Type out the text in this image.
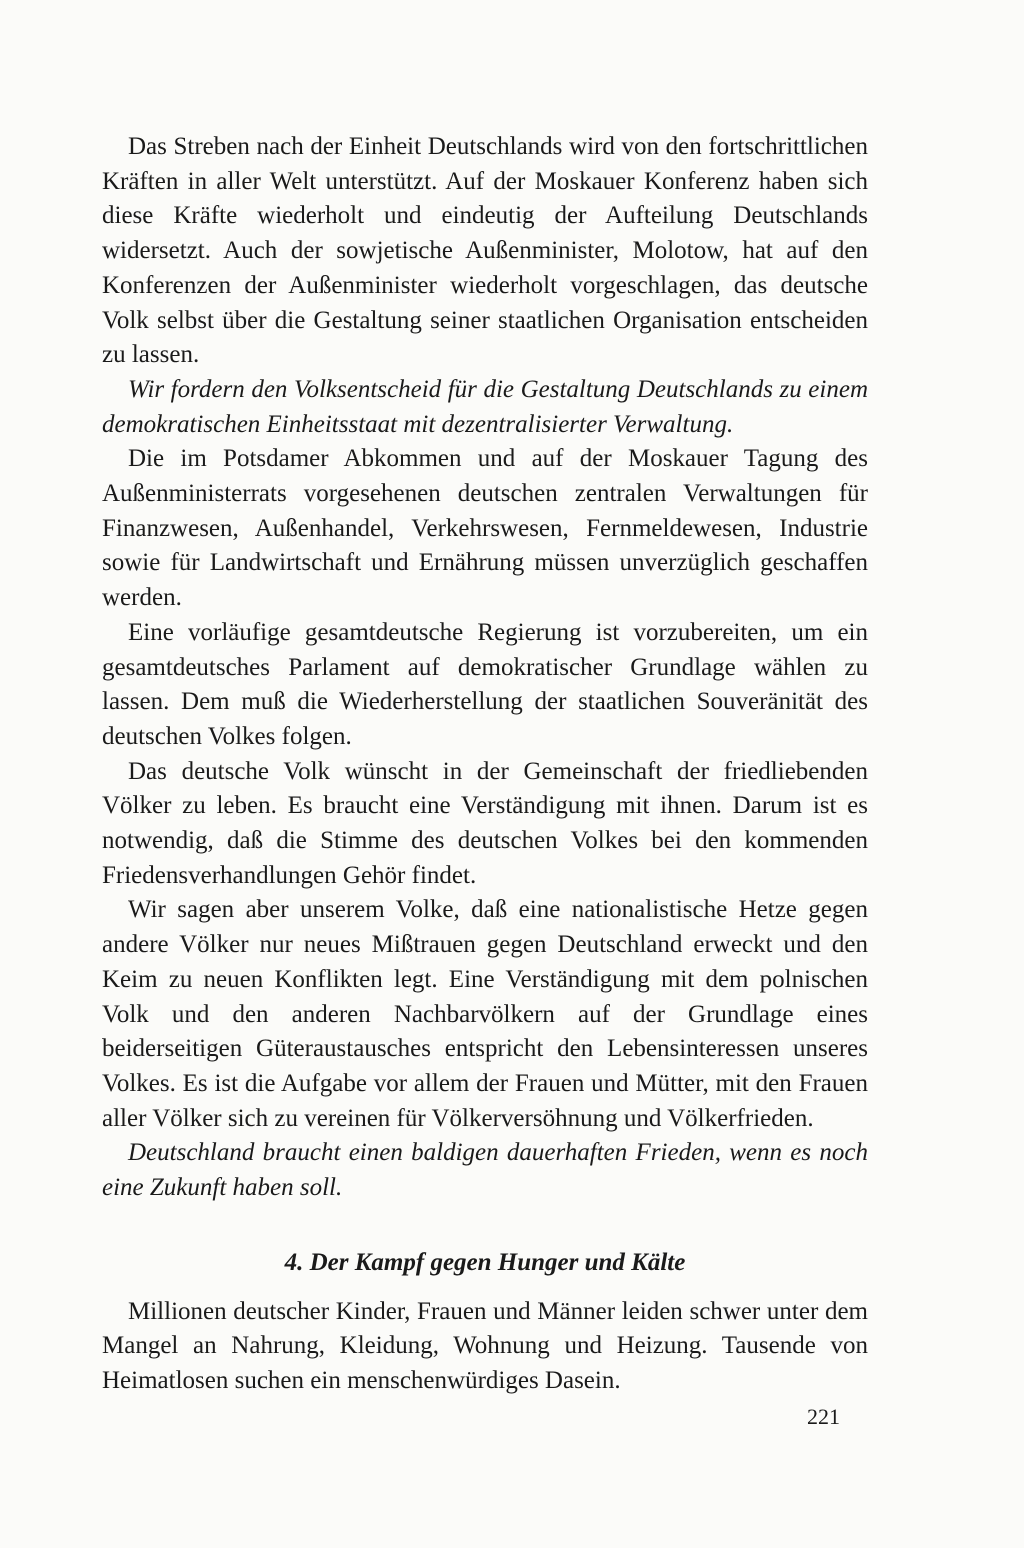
Das Streben nach der Einheit Deutschlands wird von den fortschrittlichen Kräften in aller Welt unterstützt. Auf der Moskauer Konferenz haben sich diese Kräfte wiederholt und eindeutig der Aufteilung Deutschlands widersetzt. Auch der sowjetische Außenminister, Molotow, hat auf den Konferenzen der Außenminister wiederholt vorgeschlagen, das deutsche Volk selbst über die Gestaltung seiner staatlichen Organisation entscheiden zu lassen.

Wir fordern den Volksentscheid für die Gestaltung Deutschlands zu einem demokratischen Einheitsstaat mit dezentralisierter Verwaltung.

Die im Potsdamer Abkommen und auf der Moskauer Tagung des Außenministerrats vorgesehenen deutschen zentralen Verwaltungen für Finanzwesen, Außenhandel, Verkehrswesen, Fernmeldewesen, Industrie sowie für Landwirtschaft und Ernährung müssen unverzüglich geschaffen werden.

Eine vorläufige gesamtdeutsche Regierung ist vorzubereiten, um ein gesamtdeutsches Parlament auf demokratischer Grundlage wählen zu lassen. Dem muß die Wiederherstellung der staatlichen Souveränität des deutschen Volkes folgen.

Das deutsche Volk wünscht in der Gemeinschaft der friedliebenden Völker zu leben. Es braucht eine Verständigung mit ihnen. Darum ist es notwendig, daß die Stimme des deutschen Volkes bei den kommenden Friedensverhandlungen Gehör findet.

Wir sagen aber unserem Volke, daß eine nationalistische Hetze gegen andere Völker nur neues Mißtrauen gegen Deutschland erweckt und den Keim zu neuen Konflikten legt. Eine Verständigung mit dem polnischen Volk und den anderen Nachbarvölkern auf der Grundlage eines beiderseitigen Güteraustausches entspricht den Lebensinteressen unseres Volkes. Es ist die Aufgabe vor allem der Frauen und Mütter, mit den Frauen aller Völker sich zu vereinen für Völkerversöhnung und Völkerfrieden.

Deutschland braucht einen baldigen dauerhaften Frieden, wenn es noch eine Zukunft haben soll.

4. Der Kampf gegen Hunger und Kälte

Millionen deutscher Kinder, Frauen und Männer leiden schwer unter dem Mangel an Nahrung, Kleidung, Wohnung und Heizung. Tausende von Heimatlosen suchen ein menschenwürdiges Dasein.

221
